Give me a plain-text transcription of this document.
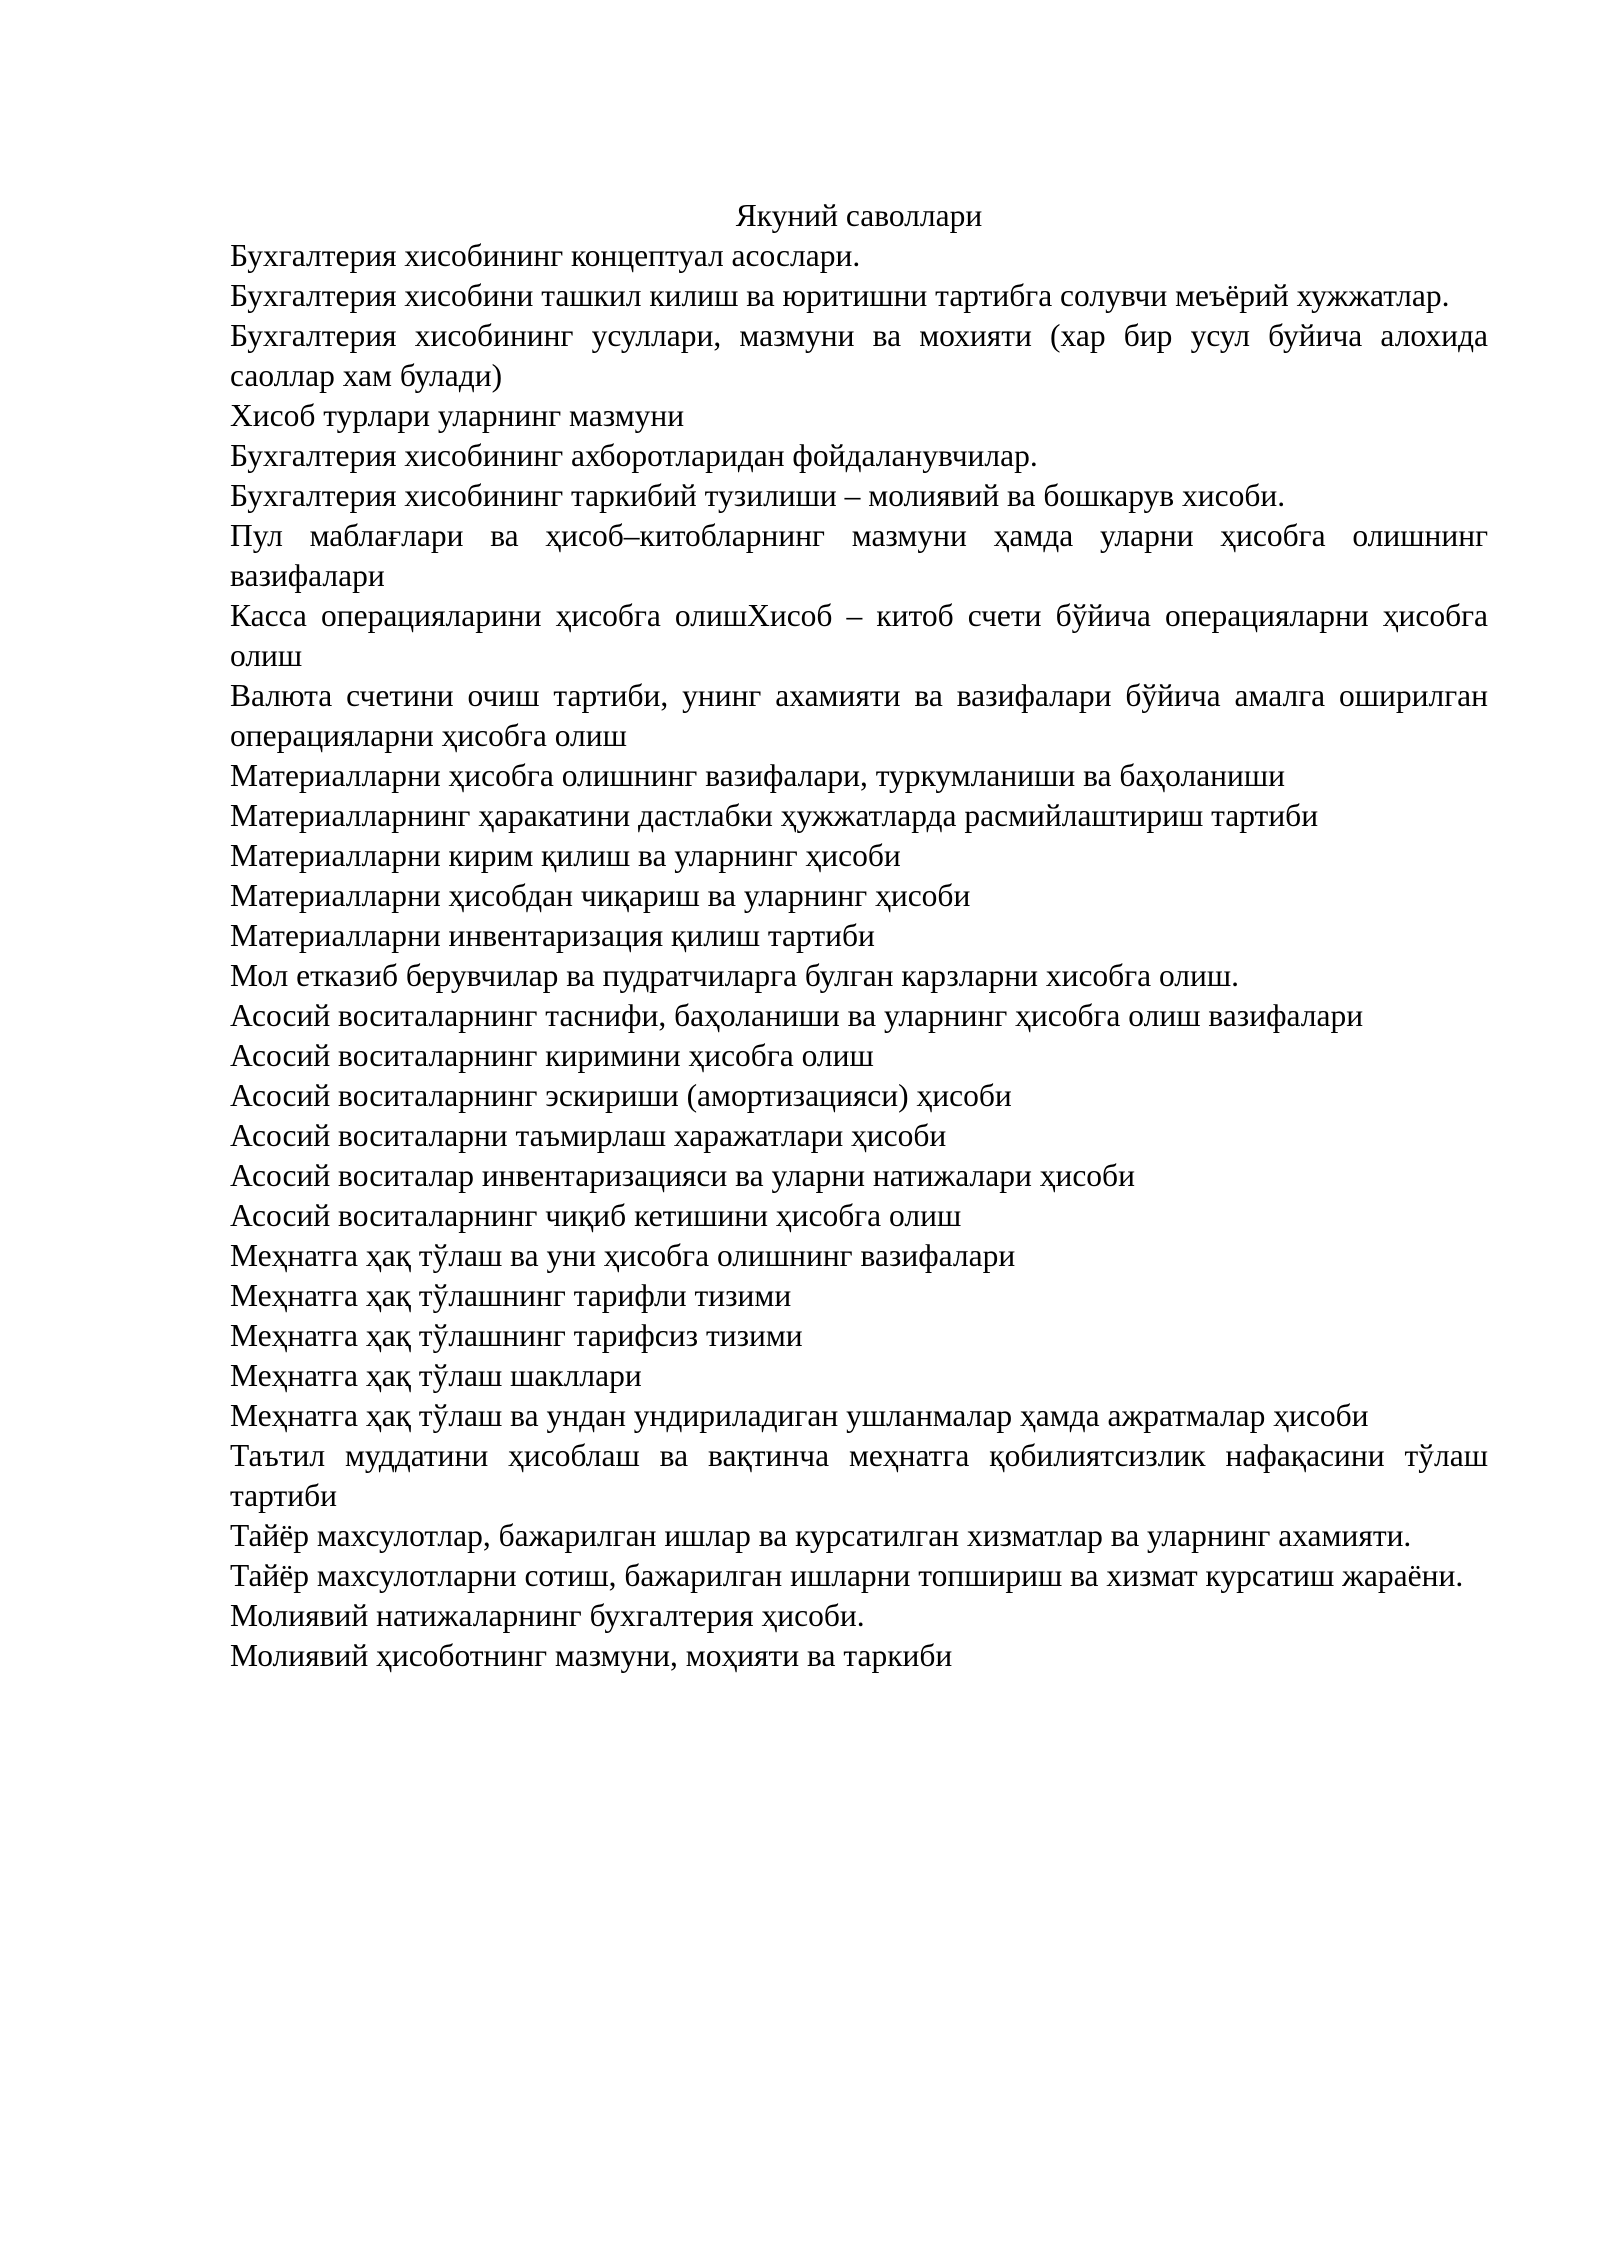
Якуний саволлари
Бухгалтерия хисобининг концептуал асослари.
Бухгалтерия хисобини ташкил килиш ва юритишни тартибга солувчи меъёрий хужжатлар.
Бухгалтерия хисобининг усуллари, мазмуни ва мохияти (хар бир усул буйича алохида саоллар хам булади)
Хисоб турлари уларнинг мазмуни
Бухгалтерия хисобининг ахборотларидан фойдаланувчилар.
Бухгалтерия хисобининг таркибий тузилиши – молиявий ва бошкарув хисоби.
Пул маблағлари ва ҳисоб–китобларнинг мазмуни ҳамда уларни ҳисобга олишнинг вазифалари
Касса операцияларини ҳисобга олишХисоб – китоб счети бўйича операцияларни ҳисобга олиш
Валюта счетини очиш тартиби, унинг ахамияти ва вазифалари бўйича амалга оширилган операцияларни ҳисобга олиш
Материалларни ҳисобга олишнинг вазифалари, туркумланиши ва баҳоланиши
Материалларнинг ҳаракатини дастлабки ҳужжатларда расмийлаштириш тартиби
Материалларни кирим қилиш ва уларнинг ҳисоби
Материалларни ҳисобдан чиқариш ва уларнинг ҳисоби
Материалларни инвентаризация қилиш тартиби
Мол етказиб берувчилар ва пудратчиларга булган карзларни хисобга олиш.
Асосий воситаларнинг таснифи, баҳоланиши ва уларнинг ҳисобга олиш вазифалари
Асосий воситаларнинг киримини ҳисобга олиш
Асосий воситаларнинг эскириши (амортизацияси) ҳисоби
Асосий воситаларни таъмирлаш харажатлари ҳисоби
Асосий воситалар инвентаризацияси ва уларни натижалари ҳисоби
Асосий воситаларнинг чиқиб кетишини ҳисобга олиш
Меҳнатга ҳақ тўлаш ва уни ҳисобга олишнинг вазифалари
Меҳнатга ҳақ тўлашнинг тарифли тизими
Меҳнатга ҳақ тўлашнинг тарифсиз тизими
Меҳнатга ҳақ тўлаш шакллари
Меҳнатга ҳақ тўлаш ва ундан ундириладиган ушланмалар ҳамда ажратмалар ҳисоби
Таътил муддатини ҳисоблаш ва вақтинча меҳнатга қобилиятсизлик нафақасини тўлаш тартиби
Тайёр махсулотлар, бажарилган ишлар ва курсатилган хизматлар ва уларнинг ахамияти.
Тайёр махсулотларни сотиш, бажарилган ишларни топшириш ва хизмат курсатиш жараёни.
Молиявий натижаларнинг бухгалтерия ҳисоби.
Молиявий ҳисоботнинг мазмуни, моҳияти ва таркиби
